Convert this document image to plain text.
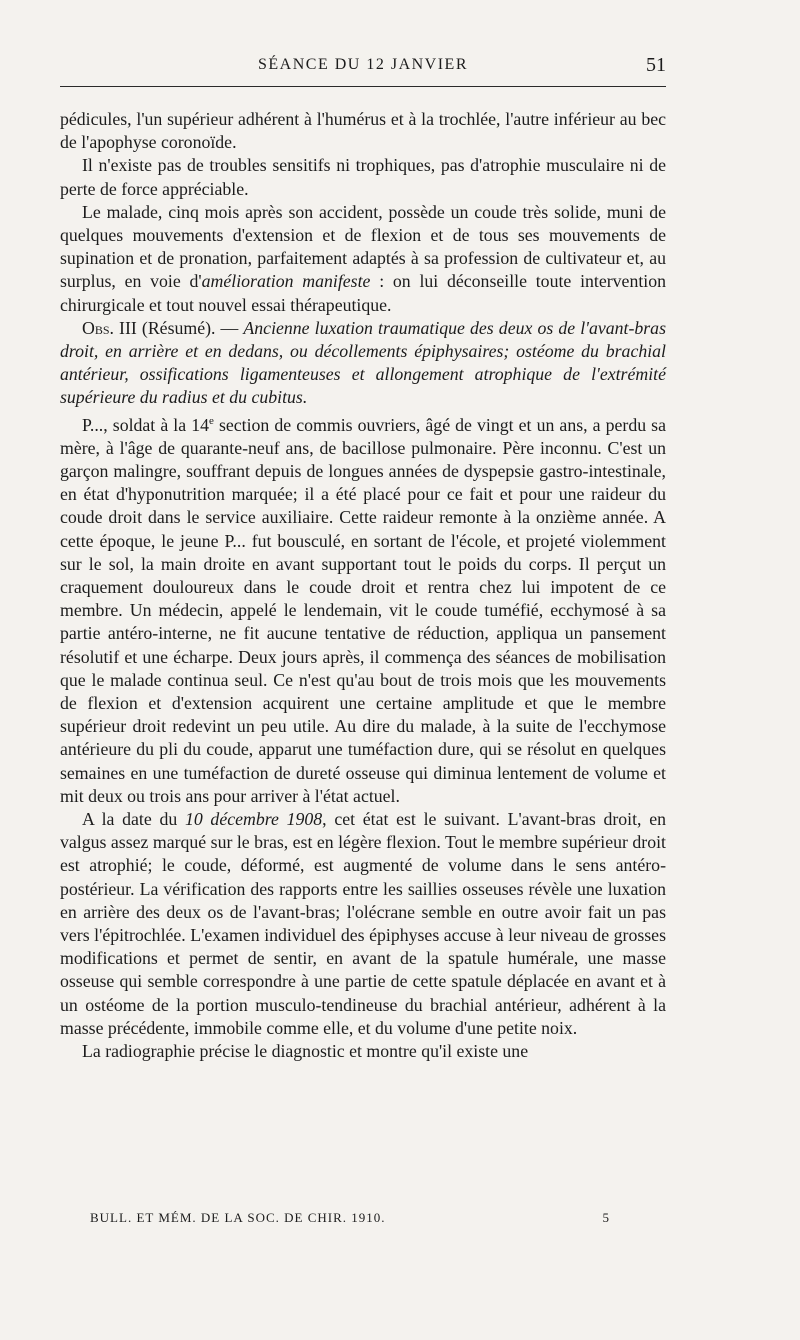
SÉANCE DU 12 JANVIER	51

pédicules, l'un supérieur adhérent à l'humérus et à la trochlée, l'autre inférieur au bec de l'apophyse coronoïde.

Il n'existe pas de troubles sensitifs ni trophiques, pas d'atrophie musculaire ni de perte de force appréciable.

Le malade, cinq mois après son accident, possède un coude très solide, muni de quelques mouvements d'extension et de flexion et de tous ses mouvements de supination et de pronation, parfaitement adaptés à sa profession de cultivateur et, au surplus, en voie d'amélioration manifeste : on lui déconseille toute intervention chirurgicale et tout nouvel essai thérapeutique.

Obs. III (Résumé). — Ancienne luxation traumatique des deux os de l'avant-bras droit, en arrière et en dedans, ou décollements épiphysaires; ostéome du brachial antérieur, ossifications ligamenteuses et allongement atrophique de l'extrémité supérieure du radius et du cubitus.

P..., soldat à la 14e section de commis ouvriers, âgé de vingt et un ans, a perdu sa mère, à l'âge de quarante-neuf ans, de bacillose pulmonaire. Père inconnu. C'est un garçon malingre, souffrant depuis de longues années de dyspepsie gastro-intestinale, en état d'hyponutrition marquée; il a été placé pour ce fait et pour une raideur du coude droit dans le service auxiliaire. Cette raideur remonte à la onzième année. A cette époque, le jeune P... fut bousculé, en sortant de l'école, et projeté violemment sur le sol, la main droite en avant supportant tout le poids du corps. Il perçut un craquement douloureux dans le coude droit et rentra chez lui impotent de ce membre. Un médecin, appelé le lendemain, vit le coude tuméfié, ecchymosé à sa partie antéro-interne, ne fit aucune tentative de réduction, appliqua un pansement résolutif et une écharpe. Deux jours après, il commença des séances de mobilisation que le malade continua seul. Ce n'est qu'au bout de trois mois que les mouvements de flexion et d'extension acquirent une certaine amplitude et que le membre supérieur droit redevint un peu utile. Au dire du malade, à la suite de l'ecchymose antérieure du pli du coude, apparut une tuméfaction dure, qui se résolut en quelques semaines en une tuméfaction de dureté osseuse qui diminua lentement de volume et mit deux ou trois ans pour arriver à l'état actuel.

A la date du 10 décembre 1908, cet état est le suivant. L'avant-bras droit, en valgus assez marqué sur le bras, est en légère flexion. Tout le membre supérieur droit est atrophié; le coude, déformé, est augmenté de volume dans le sens antéro-postérieur. La vérification des rapports entre les saillies osseuses révèle une luxation en arrière des deux os de l'avant-bras; l'olécrane semble en outre avoir fait un pas vers l'épitrochlée. L'examen individuel des épiphyses accuse à leur niveau de grosses modifications et permet de sentir, en avant de la spatule humérale, une masse osseuse qui semble correspondre à une partie de cette spatule déplacée en avant et à un ostéome de la portion musculo-tendineuse du brachial antérieur, adhérent à la masse précédente, immobile comme elle, et du volume d'une petite noix.

La radiographie précise le diagnostic et montre qu'il existe une

BULL. ET MÉM. DE LA SOC. DE CHIR. 1910.	5
